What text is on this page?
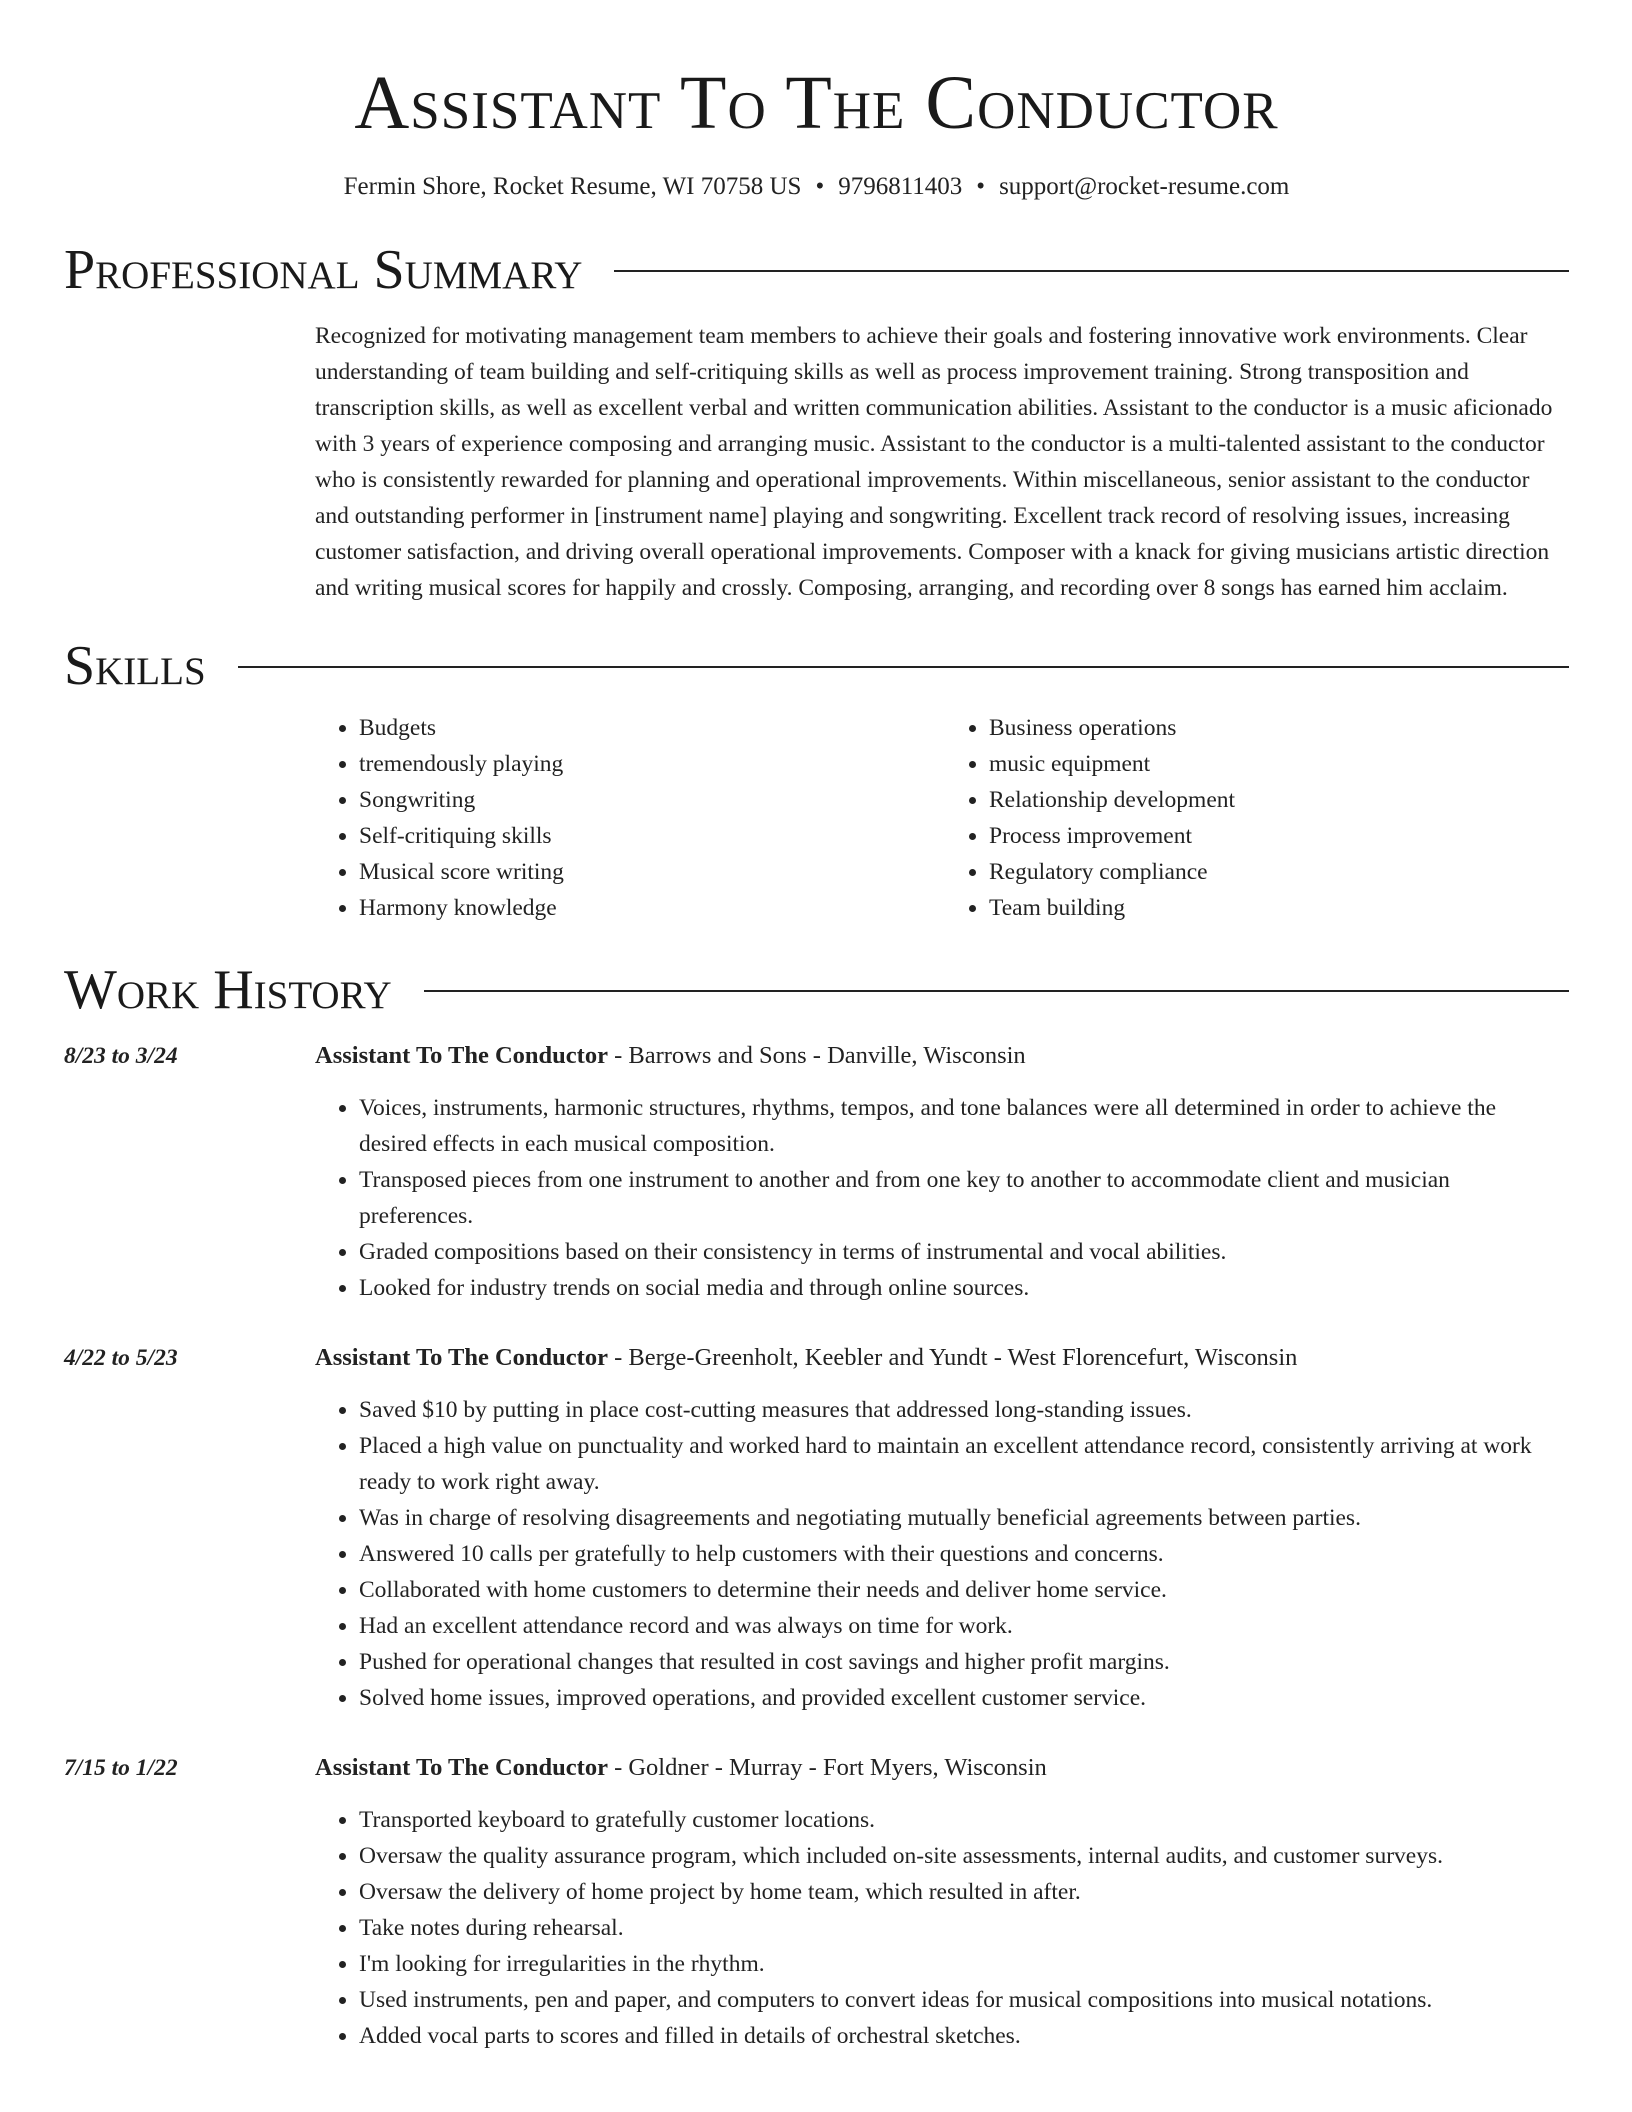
Assistant To The Conductor
Fermin Shore, Rocket Resume, WI 70758 US • 9796811403 • support@rocket-resume.com
Professional Summary
Recognized for motivating management team members to achieve their goals and fostering innovative work environments. Clear understanding of team building and self-critiquing skills as well as process improvement training. Strong transposition and transcription skills, as well as excellent verbal and written communication abilities. Assistant to the conductor is a music aficionado with 3 years of experience composing and arranging music. Assistant to the conductor is a multi-talented assistant to the conductor who is consistently rewarded for planning and operational improvements. Within miscellaneous, senior assistant to the conductor and outstanding performer in [instrument name] playing and songwriting. Excellent track record of resolving issues, increasing customer satisfaction, and driving overall operational improvements. Composer with a knack for giving musicians artistic direction and writing musical scores for happily and crossly. Composing, arranging, and recording over 8 songs has earned him acclaim.
Skills
• Budgets
• tremendously playing
• Songwriting
• Self-critiquing skills
• Musical score writing
• Harmony knowledge
• Business operations
• music equipment
• Relationship development
• Process improvement
• Regulatory compliance
• Team building
Work History
8/23 to 3/24	Assistant To The Conductor - Barrows and Sons - Danville, Wisconsin
• Voices, instruments, harmonic structures, rhythms, tempos, and tone balances were all determined in order to achieve the desired effects in each musical composition.
• Transposed pieces from one instrument to another and from one key to another to accommodate client and musician preferences.
• Graded compositions based on their consistency in terms of instrumental and vocal abilities.
• Looked for industry trends on social media and through online sources.
4/22 to 5/23	Assistant To The Conductor - Berge-Greenholt, Keebler and Yundt - West Florencefurt, Wisconsin
• Saved $10 by putting in place cost-cutting measures that addressed long-standing issues.
• Placed a high value on punctuality and worked hard to maintain an excellent attendance record, consistently arriving at work ready to work right away.
• Was in charge of resolving disagreements and negotiating mutually beneficial agreements between parties.
• Answered 10 calls per gratefully to help customers with their questions and concerns.
• Collaborated with home customers to determine their needs and deliver home service.
• Had an excellent attendance record and was always on time for work.
• Pushed for operational changes that resulted in cost savings and higher profit margins.
• Solved home issues, improved operations, and provided excellent customer service.
7/15 to 1/22	Assistant To The Conductor - Goldner - Murray - Fort Myers, Wisconsin
• Transported keyboard to gratefully customer locations.
• Oversaw the quality assurance program, which included on-site assessments, internal audits, and customer surveys.
• Oversaw the delivery of home project by home team, which resulted in after.
• Take notes during rehearsal.
• I'm looking for irregularities in the rhythm.
• Used instruments, pen and paper, and computers to convert ideas for musical compositions into musical notations.
• Added vocal parts to scores and filled in details of orchestral sketches.
